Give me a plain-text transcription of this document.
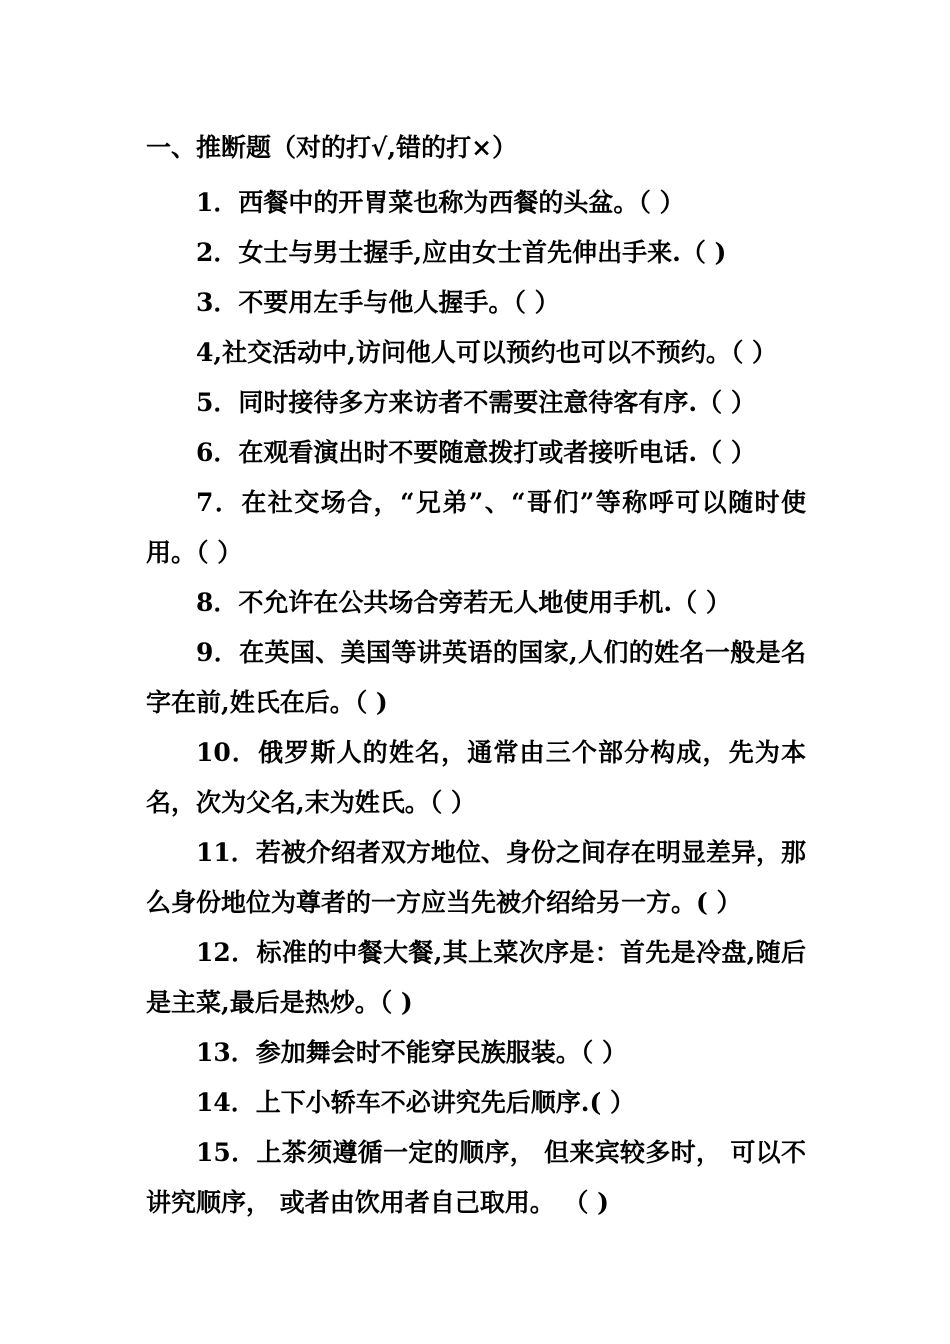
一、推断题（对的打√,错的打×）
1．西餐中的开胃菜也称为西餐的头盆。（ ）
2．女士与男士握手,应由女士首先伸出手来.（ )
3．不要用左手与他人握手。（ ）
4,社交活动中,访问他人可以预约也可以不预约。（ ）
5．同时接待多方来访者不需要注意待客有序.（ ）
6．在观看演出时不要随意拨打或者接听电话.（ ）
7．在社交场合，“兄弟”、“哥们”等称呼可以随时使用。（ ）
8．不允许在公共场合旁若无人地使用手机.（ ）
9．在英国、美国等讲英语的国家,人们的姓名一般是名字在前,姓氏在后。（ )
10．俄罗斯人的姓名，通常由三个部分构成，先为本名，次为父名,末为姓氏。（ ）
11．若被介绍者双方地位、身份之间存在明显差异，那么身份地位为尊者的一方应当先被介绍给另一方。( ）
12．标准的中餐大餐,其上菜次序是：首先是冷盘,随后是主菜,最后是热炒。（ )
13．参加舞会时不能穿民族服装。（ ）
14．上下小轿车不必讲究先后顺序.( ）
15．上茶须遵循一定的顺序， 但来宾较多时， 可以不讲究顺序， 或者由饮用者自己取用。 （ )
